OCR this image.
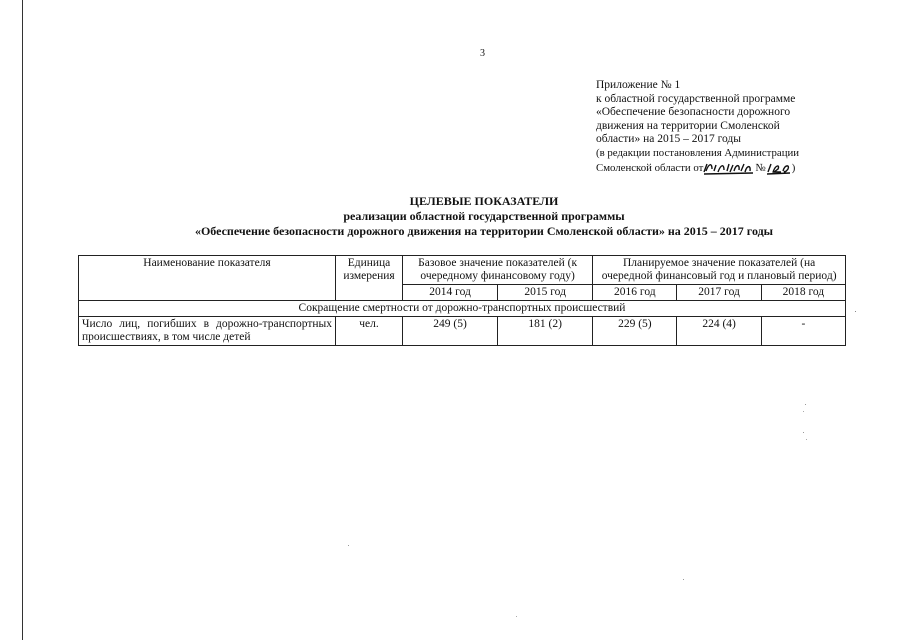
3
Приложение № 1
к областной государственной программе
«Обеспечение безопасности дорожного
движения на территории Смоленской
области» на 2015 – 2017 годы
(в редакции постановления Администрации
Смоленской области от	№ )
ЦЕЛЕВЫЕ ПОКАЗАТЕЛИ
реализации областной государственной программы
«Обеспечение безопасности дорожного движения на территории Смоленской области» на 2015 – 2017 годы
Наименование показателя	Единица измерения	Базовое значение показателей (к очередному финансовому году)		Планируемое значение показателей (на очередной финансовый год и плановый период)		
		2014 год	2015 год	2016 год	2017 год	2018 год
Сокращение смертности от дорожно-транспортных происшествий						
Число лиц, погибших в дорожно-транспортных происшествиях, в том числе детей	чел.	249 (5)	181 (2)	229 (5)	224 (4)	-
